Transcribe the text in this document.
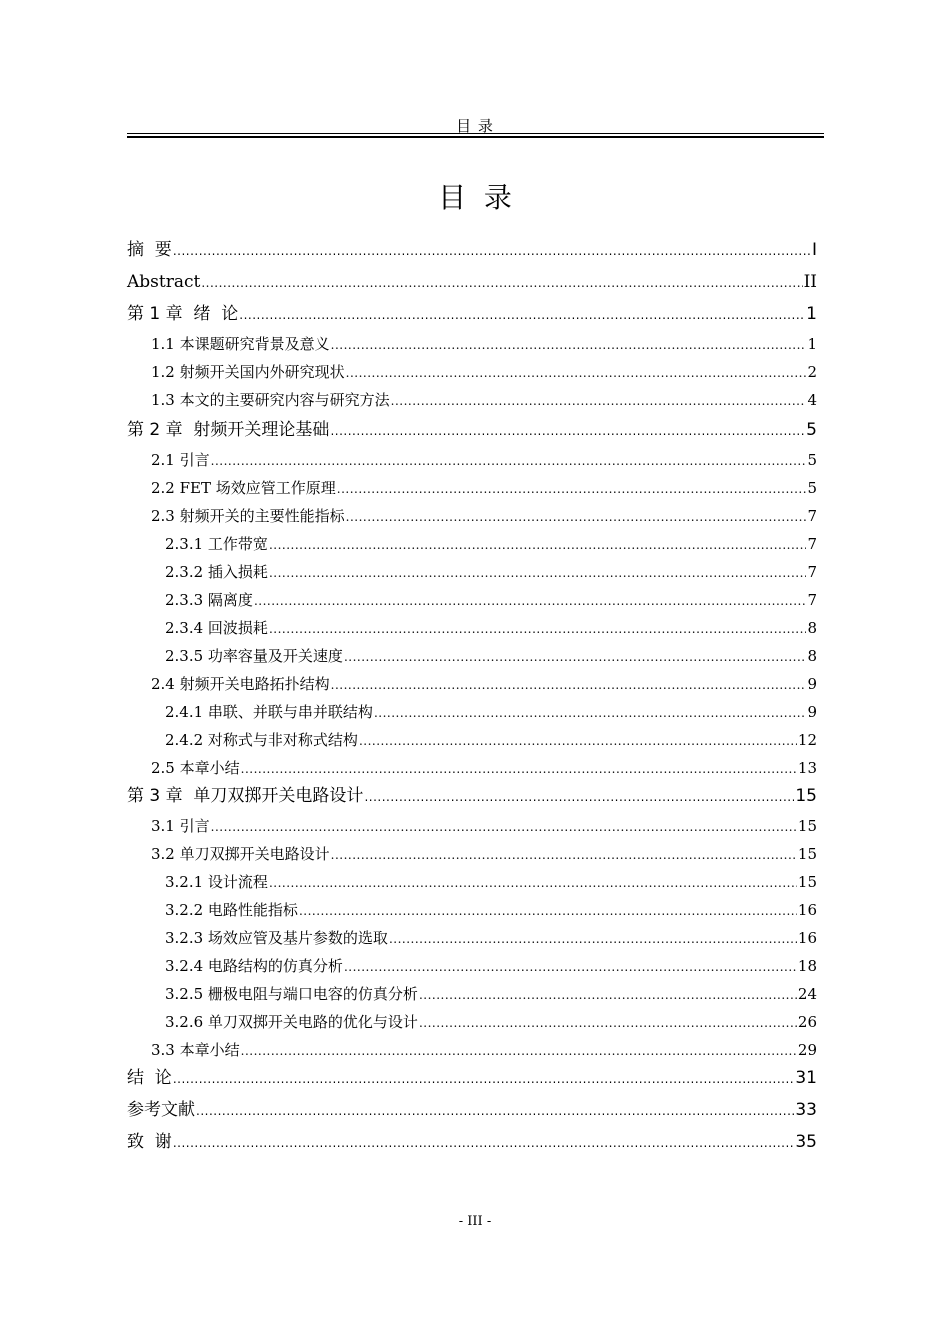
目 录
目  录
摘  要 .....	I
Abstract .....	II
第 1 章  绪  论 .....	1
1.1 本课题研究背景及意义 .....	1
1.2 射频开关国内外研究现状 .....	2
1.3 本文的主要研究内容与研究方法 .....	4
第 2 章  射频开关理论基础 .....	5
2.1 引言 .....	5
2.2 FET 场效应管工作原理 .....	5
2.3 射频开关的主要性能指标 .....	7
2.3.1 工作带宽 .....	7
2.3.2 插入损耗 .....	7
2.3.3 隔离度 .....	7
2.3.4 回波损耗 .....	8
2.3.5 功率容量及开关速度 .....	8
2.4 射频开关电路拓扑结构 .....	9
2.4.1 串联、并联与串并联结构 .....	9
2.4.2 对称式与非对称式结构 .....	12
2.5 本章小结 .....	13
第 3 章  单刀双掷开关电路设计 .....	15
3.1 引言 .....	15
3.2 单刀双掷开关电路设计 .....	15
3.2.1 设计流程 .....	15
3.2.2 电路性能指标 .....	16
3.2.3 场效应管及基片参数的选取 .....	16
3.2.4 电路结构的仿真分析 .....	18
3.2.5 栅极电阻与端口电容的仿真分析 .....	24
3.2.6 单刀双掷开关电路的优化与设计 .....	26
3.3 本章小结 .....	29
结  论 .....	31
参考文献 .....	33
致  谢 .....	35
- III -
